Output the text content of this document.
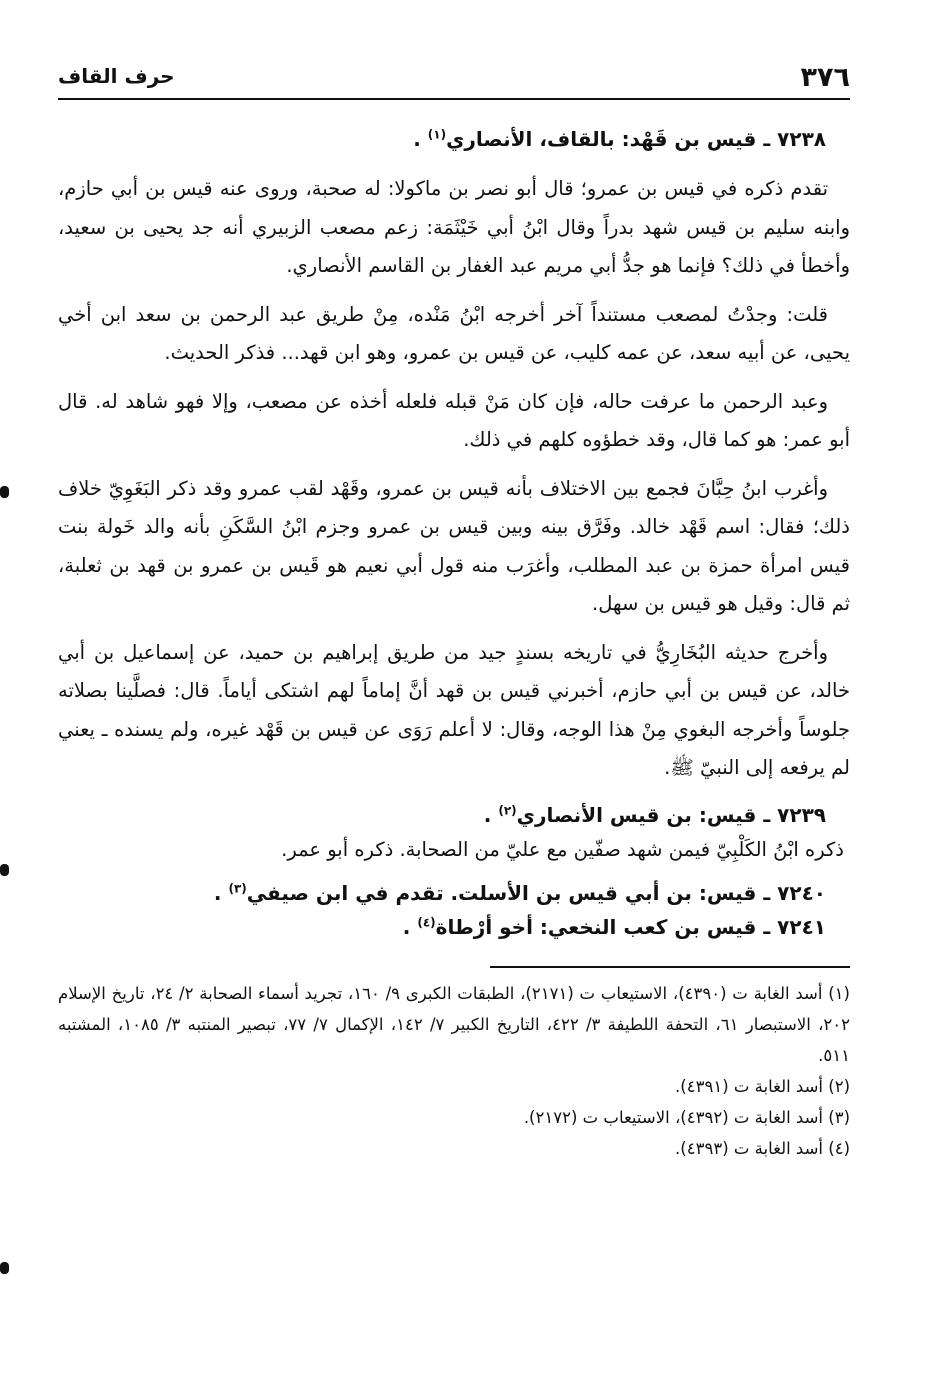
٣٧٦
حرف القاف
٧٢٣٨ ـ قيس بن قَهْد: بالقاف، الأنصاري$^{(١)}$ .

تقدم ذكره في قيس بن عمرو؛ قال أبو نصر بن ماكولا: له صحبة، وروى عنه قيس بن أبي حازم، وابنه سليم بن قيس شهد بدراً وقال ابْنُ أبي خَيْثَمَة: زعم مصعب الزبيري أنه جد يحيى بن سعيد، وأخطأ في ذلك؟ فإنما هو جدُّ أبي مريم عبد الغفار بن القاسم الأنصاري.

قلت: وجدْتُ لمصعب مستنداً آخر أخرجه ابْنُ مَنْده، مِنْ طريق عبد الرحمن بن سعد ابن أخي يحيى، عن أبيه سعد، عن عمه كليب، عن قيس بن عمرو، وهو ابن قهد... فذكر الحديث.

وعبد الرحمن ما عرفت حاله، فإن كان مَنْ قبله فلعله أخذه عن مصعب، وإلا فهو شاهد له. قال أبو عمر: هو كما قال، وقد خطؤوه كلهم في ذلك.

وأغرب ابنُ حِبَّانَ فجمع بين الاختلاف بأنه قيس بن عمرو، وقَهْد لقب عمرو وقد ذكر البَغَوِيّ خلاف ذلك؛ فقال: اسم قَهْد خالد. وفَرَّق بينه وبين قيس بن عمرو وجزم ابْنُ السَّكَنِ بأنه والد خَولة بنت قيس امرأة حمزة بن عبد المطلب، وأغرَب منه قول أبي نعيم هو قَيس بن عمرو بن قهد بن ثعلبة، ثم قال: وقيل هو قيس بن سهل.

وأخرج حديثه البُخَارِيُّ في تاريخه بسندٍ جيد من طريق إبراهيم بن حميد، عن إسماعيل بن أبي خالد، عن قيس بن أبي حازم، أخبرني قيس بن قهد أنَّ إماماً لهم اشتكى أياماً. قال: فصلَّينا بصلاته جلوساً وأخرجه البغوي مِنْ هذا الوجه، وقال: لا أعلم رَوَى عن قيس بن قَهْد غيره، ولم يسنده ـ يعني لم يرفعه إلى النبيّ ﷺ.

٧٢٣٩ ـ قيس: بن قيس الأنصاري$^{(٢)}$ .

ذكره ابْنُ الكَلْبِيّ فيمن شهد صفّين مع عليّ من الصحابة. ذكره أبو عمر.

٧٢٤٠ ـ قيس: بن أبي قيس بن الأسلت. تقدم في ابن صيفي$^{(٣)}$ .
٧٢٤١ ـ قيس بن كعب النخعي: أخو أرْطاة$^{(٤)}$ .

(١) أسد الغابة ت (٤٣٩٠)، الاستيعاب ت (٢١٧١)، الطبقات الكبرى ٩/ ١٦٠، تجريد أسماء الصحابة ٢/ ٢٤، تاريخ الإسلام ٢٠٢، الاستبصار ٦١، التحفة اللطيفة ٣/ ٤٢٢، التاريخ الكبير ٧/ ١٤٢، الإكمال ٧/ ٧٧، تبصير المنتبه ٣/ ١٠٨٥، المشتبه ٥١١.

(٢) أسد الغابة ت (٤٣٩١).

(٣) أسد الغابة ت (٤٣٩٢)، الاستيعاب ت (٢١٧٢).

(٤) أسد الغابة ت (٤٣٩٣).
